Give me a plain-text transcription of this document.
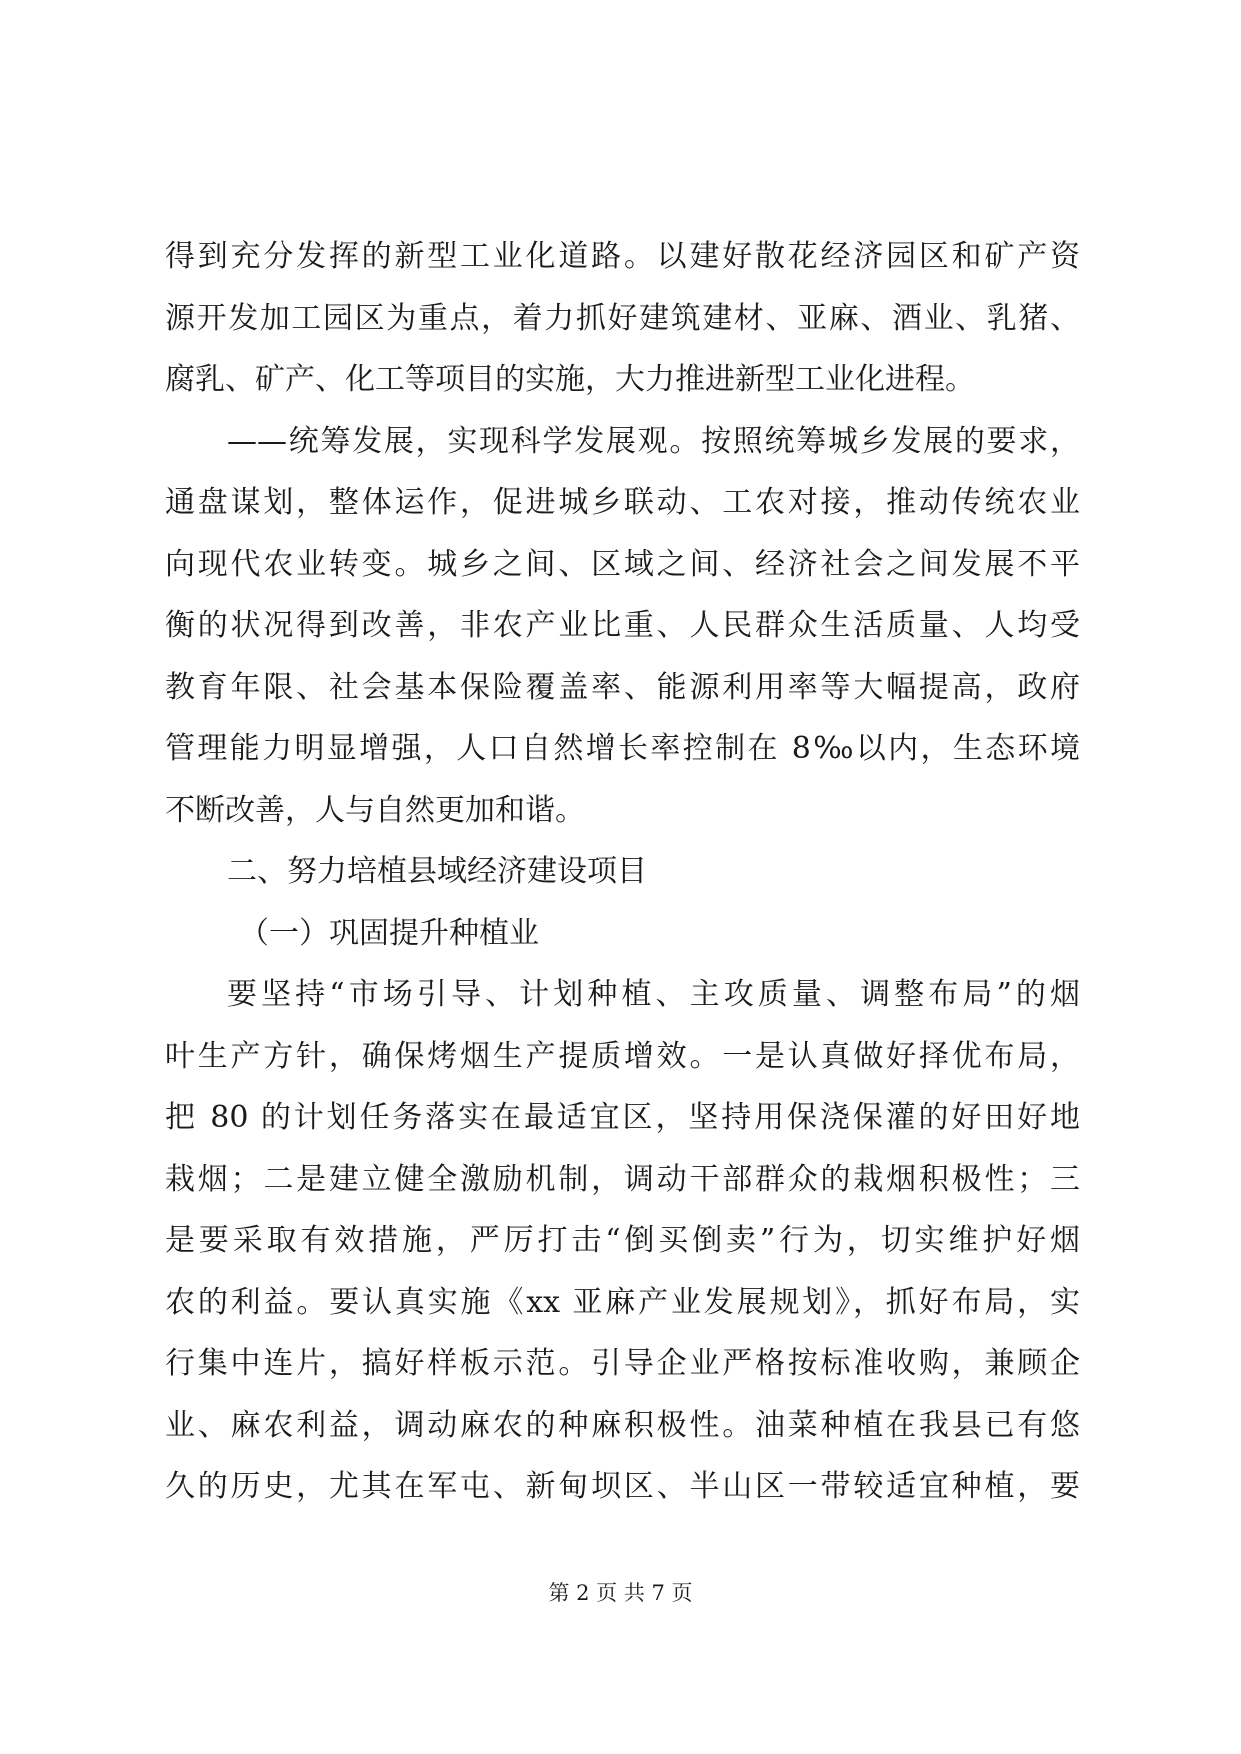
得到充分发挥的新型工业化道路。以建好散花经济园区和矿产资
源开发加工园区为重点，着力抓好建筑建材、亚麻、酒业、乳猪、
腐乳、矿产、化工等项目的实施，大力推进新型工业化进程。
——统筹发展，实现科学发展观。按照统筹城乡发展的要求，
通盘谋划，整体运作，促进城乡联动、工农对接，推动传统农业
向现代农业转变。城乡之间、区域之间、经济社会之间发展不平
衡的状况得到改善，非农产业比重、人民群众生活质量、人均受
教育年限、社会基本保险覆盖率、能源利用率等大幅提高，政府
管理能力明显增强，人口自然增长率控制在 8‰以内，生态环境
不断改善，人与自然更加和谐。
二、努力培植县域经济建设项目
（一）巩固提升种植业
要坚持“市场引导、计划种植、主攻质量、调整布局”的烟
叶生产方针，确保烤烟生产提质增效。一是认真做好择优布局，
把 80 的计划任务落实在最适宜区，坚持用保浇保灌的好田好地
栽烟；二是建立健全激励机制，调动干部群众的栽烟积极性；三
是要采取有效措施，严厉打击“倒买倒卖”行为，切实维护好烟
农的利益。要认真实施《xx 亚麻产业发展规划》，抓好布局，实
行集中连片，搞好样板示范。引导企业严格按标准收购，兼顾企
业、麻农利益，调动麻农的种麻积极性。油菜种植在我县已有悠
久的历史，尤其在军屯、新甸坝区、半山区一带较适宜种植，要
第 2 页 共 7 页
